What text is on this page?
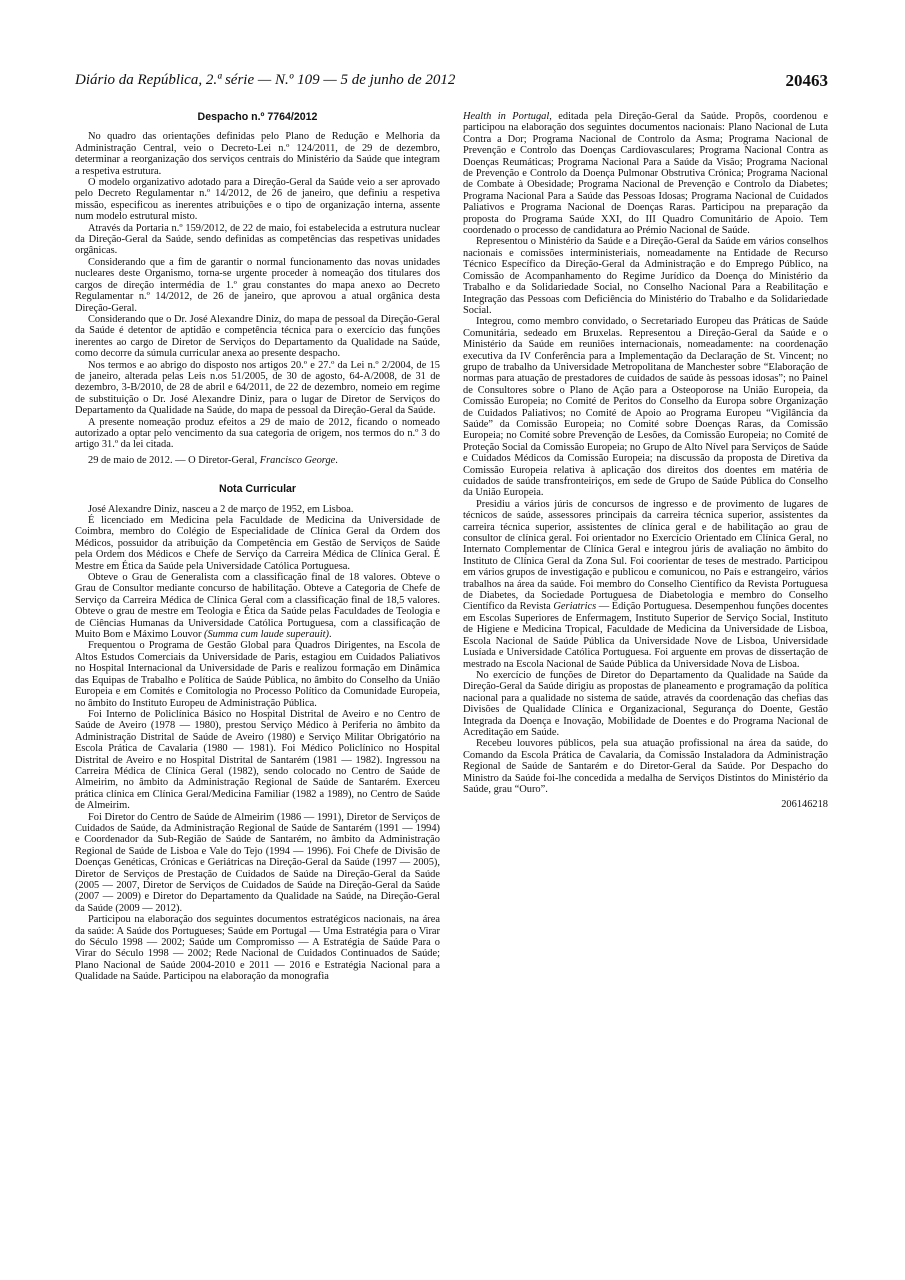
Diário da República, 2.ª série — N.º 109 — 5 de junho de 2012	20463
Despacho n.º 7764/2012

No quadro das orientações definidas pelo Plano de Redução e Melhoria da Administração Central, veio o Decreto-Lei n.º 124/2011, de 29 de dezembro, determinar a reorganização dos serviços centrais do Ministério da Saúde que integram a respetiva estrutura.

O modelo organizativo adotado para a Direção-Geral da Saúde veio a ser aprovado pelo Decreto Regulamentar n.º 14/2012, de 26 de janeiro, que definiu a respetiva missão, especificou as inerentes atribuições e o tipo de organização interna, assente num modelo estrutural misto.

Através da Portaria n.º 159/2012, de 22 de maio, foi estabelecida a estrutura nuclear da Direção-Geral da Saúde, sendo definidas as competências das respetivas unidades orgânicas.

Considerando que a fim de garantir o normal funcionamento das novas unidades nucleares deste Organismo, torna-se urgente proceder à nomeação dos titulares dos cargos de direção intermédia de 1.º grau constantes do mapa anexo ao Decreto Regulamentar n.º 14/2012, de 26 de janeiro, que aprovou a atual orgânica desta Direção-Geral.

Considerando que o Dr. José Alexandre Diniz, do mapa de pessoal da Direção-Geral da Saúde é detentor de aptidão e competência técnica para o exercício das funções inerentes ao cargo de Diretor de Serviços do Departamento da Qualidade na Saúde, como decorre da súmula curricular anexa ao presente despacho.

Nos termos e ao abrigo do disposto nos artigos 20.º e 27.º da Lei n.º 2/2004, de 15 de janeiro, alterada pelas Leis n.os 51/2005, de 30 de agosto, 64-A/2008, de 31 de dezembro, 3-B/2010, de 28 de abril e 64/2011, de 22 de dezembro, nomeio em regime de substituição o Dr. José Alexandre Diniz, para o lugar de Diretor de Serviços do Departamento da Qualidade na Saúde, do mapa de pessoal da Direção-Geral da Saúde.

A presente nomeação produz efeitos a 29 de maio de 2012, ficando o nomeado autorizado a optar pelo vencimento da sua categoria de origem, nos termos do n.º 3 do artigo 31.º da lei citada.

29 de maio de 2012. — O Diretor-Geral, Francisco George.

Nota Curricular

José Alexandre Diniz, nasceu a 2 de março de 1952, em Lisboa.

É licenciado em Medicina pela Faculdade de Medicina da Universidade de Coimbra, membro do Colégio de Especialidade de Clínica Geral da Ordem dos Médicos, possuidor da atribuição da Competência em Gestão de Serviços de Saúde pela Ordem dos Médicos e Chefe de Serviço da Carreira Médica de Clínica Geral. É Mestre em Ética da Saúde pela Universidade Católica Portuguesa.

Obteve o Grau de Generalista com a classificação final de 18 valores. Obteve o Grau de Consultor mediante concurso de habilitação. Obteve a Categoria de Chefe de Serviço da Carreira Médica de Clínica Geral com a classificação final de 18,5 valores. Obteve o grau de mestre em Teologia e Ética da Saúde pelas Faculdades de Teologia e de Ciências Humanas da Universidade Católica Portuguesa, com a classificação de Muito Bom e Máximo Louvor (Summa cum laude superauit).

Frequentou o Programa de Gestão Global para Quadros Dirigentes, na Escola de Altos Estudos Comerciais da Universidade de Paris, estagiou em Cuidados Paliativos no Hospital Internacional da Universidade de Paris e realizou formação em Dinâmica das Equipas de Trabalho e Política de Saúde Pública, no âmbito do Conselho da União Europeia e em Comités e Comitologia no Processo Político da Comunidade Europeia, no âmbito do Instituto Europeu de Administração Pública.

Foi Interno de Policlínica Básico no Hospital Distrital de Aveiro e no Centro de Saúde de Aveiro (1978 — 1980), prestou Serviço Médico à Periferia no âmbito da Administração Distrital de Saúde de Aveiro (1980) e Serviço Militar Obrigatório na Escola Prática de Cavalaria (1980 — 1981). Foi Médico Policlínico no Hospital Distrital de Aveiro e no Hospital Distrital de Santarém (1981 — 1982). Ingressou na Carreira Médica de Clínica Geral (1982), sendo colocado no Centro de Saúde de Almeirim, no âmbito da Administração Regional de Saúde de Santarém. Exerceu prática clínica em Clínica Geral/Medicina Familiar (1982 a 1989), no Centro de Saúde de Almeirim.

Foi Diretor do Centro de Saúde de Almeirim (1986 — 1991), Diretor de Serviços de Cuidados de Saúde, da Administração Regional de Saúde de Santarém (1991 — 1994) e Coordenador da Sub-Região de Saúde de Santarém, no âmbito da Administração Regional de Saúde de Lisboa e Vale do Tejo (1994 — 1996). Foi Chefe de Divisão de Doenças Genéticas, Crónicas e Geriátricas na Direção-Geral da Saúde (1997 — 2005), Diretor de Serviços de Prestação de Cuidados de Saúde na Direção-Geral da Saúde (2005 — 2007, Diretor de Serviços de Cuidados de Saúde na Direção-Geral da Saúde (2007 — 2009) e Diretor do Departamento da Qualidade na Saúde, na Direção-Geral da Saúde (2009 — 2012).

Participou na elaboração dos seguintes documentos estratégicos nacionais, na área da saúde: A Saúde dos Portugueses; Saúde em Portugal — Uma Estratégia para o Virar do Século 1998 — 2002; Saúde um Compromisso — A Estratégia de Saúde Para o Virar do Século 1998 — 2002; Rede Nacional de Cuidados Continuados de Saúde; Plano Nacional de Saúde 2004-2010 e 2011 — 2016 e Estratégia Nacional para a Qualidade na Saúde. Participou na elaboração da monografia

Health in Portugal, editada pela Direção-Geral da Saúde. Propôs, coordenou e participou na elaboração dos seguintes documentos nacionais: Plano Nacional de Luta Contra a Dor; Programa Nacional de Controlo da Asma; Programa Nacional de Prevenção e Controlo das Doenças Cardiovasculares; Programa Nacional Contra as Doenças Reumáticas; Programa Nacional Para a Saúde da Visão; Programa Nacional de Prevenção e Controlo da Doença Pulmonar Obstrutiva Crónica; Programa Nacional de Combate à Obesidade; Programa Nacional de Prevenção e Controlo da Diabetes; Programa Nacional Para a Saúde das Pessoas Idosas; Programa Nacional de Cuidados Paliativos e Programa Nacional de Doenças Raras. Participou na preparação da proposta do Programa Saúde XXI, do III Quadro Comunitário de Apoio. Tem coordenado o processo de candidatura ao Prémio Nacional de Saúde.

Representou o Ministério da Saúde e a Direção-Geral da Saúde em vários conselhos nacionais e comissões interministeriais, nomeadamente na Entidade de Recurso Técnico Específico da Direção-Geral da Administração e do Emprego Público, na Comissão de Acompanhamento do Regime Jurídico da Doença do Ministério da Trabalho e da Solidariedade Social, no Conselho Nacional Para a Reabilitação e Integração das Pessoas com Deficiência do Ministério do Trabalho e da Solidariedade Social.

Integrou, como membro convidado, o Secretariado Europeu das Práticas de Saúde Comunitária, sedeado em Bruxelas. Representou a Direção-Geral da Saúde e o Ministério da Saúde em reuniões internacionais, nomeadamente: na coordenação executiva da IV Conferência para a Implementação da Declaração de St. Vincent; no grupo de trabalho da Universidade Metropolitana de Manchester sobre “Elaboração de normas para atuação de prestadores de cuidados de saúde às pessoas idosas”; no Painel de Consultores sobre o Plano de Ação para a Osteoporose na União Europeia, da Comissão Europeia; no Comité de Peritos do Conselho da Europa sobre Organização de Cuidados Paliativos; no Comité de Apoio ao Programa Europeu “Vigilância da Saúde” da Comissão Europeia; no Comité sobre Doenças Raras, da Comissão Europeia; no Comité sobre Prevenção de Lesões, da Comissão Europeia; no Comité de Proteção Social da Comissão Europeia; no Grupo de Alto Nível para Serviços de Saúde e Cuidados Médicos da Comissão Europeia; na discussão da proposta de Diretiva da Comissão Europeia relativa à aplicação dos direitos dos doentes em matéria de cuidados de saúde transfronteiriços, em sede de Grupo de Saúde Pública do Conselho da União Europeia.

Presidiu a vários júris de concursos de ingresso e de provimento de lugares de técnicos de saúde, assessores principais da carreira técnica superior, assistentes da carreira técnica superior, assistentes de clínica geral e de habilitação ao grau de consultor de clínica geral. Foi orientador no Exercício Orientado em Clínica Geral, no Internato Complementar de Clínica Geral e integrou júris de avaliação no âmbito do Instituto de Clínica Geral da Zona Sul. Foi coorientar de teses de mestrado. Participou em vários grupos de investigação e publicou e comunicou, no País e estrangeiro, vários trabalhos na área da saúde. Foi membro do Conselho Científico da Revista Portuguesa de Diabetes, da Sociedade Portuguesa de Diabetologia e membro do Conselho Científico da Revista Geriatrics — Edição Portuguesa. Desempenhou funções docentes em Escolas Superiores de Enfermagem, Instituto Superior de Serviço Social, Instituto de Higiene e Medicina Tropical, Faculdade de Medicina da Universidade de Lisboa, Escola Nacional de Saúde Pública da Universidade Nove de Lisboa, Universidade Lusíada e Universidade Católica Portuguesa. Foi arguente em provas de dissertação de mestrado na Escola Nacional de Saúde Pública da Universidade Nova de Lisboa.

No exercício de funções de Diretor do Departamento da Qualidade na Saúde da Direção-Geral da Saúde dirigiu as propostas de planeamento e programação da política nacional para a qualidade no sistema de saúde, através da coordenação das chefias das Divisões de Qualidade Clínica e Organizacional, Segurança do Doente, Gestão Integrada da Doença e Inovação, Mobilidade de Doentes e do Programa Nacional de Acreditação em Saúde.

Recebeu louvores públicos, pela sua atuação profissional na área da saúde, do Comando da Escola Prática de Cavalaria, da Comissão Instaladora da Administração Regional de Saúde de Santarém e do Diretor-Geral da Saúde. Por Despacho do Ministro da Saúde foi-lhe concedida a medalha de Serviços Distintos do Ministério da Saúde, grau “Ouro”.

206146218
